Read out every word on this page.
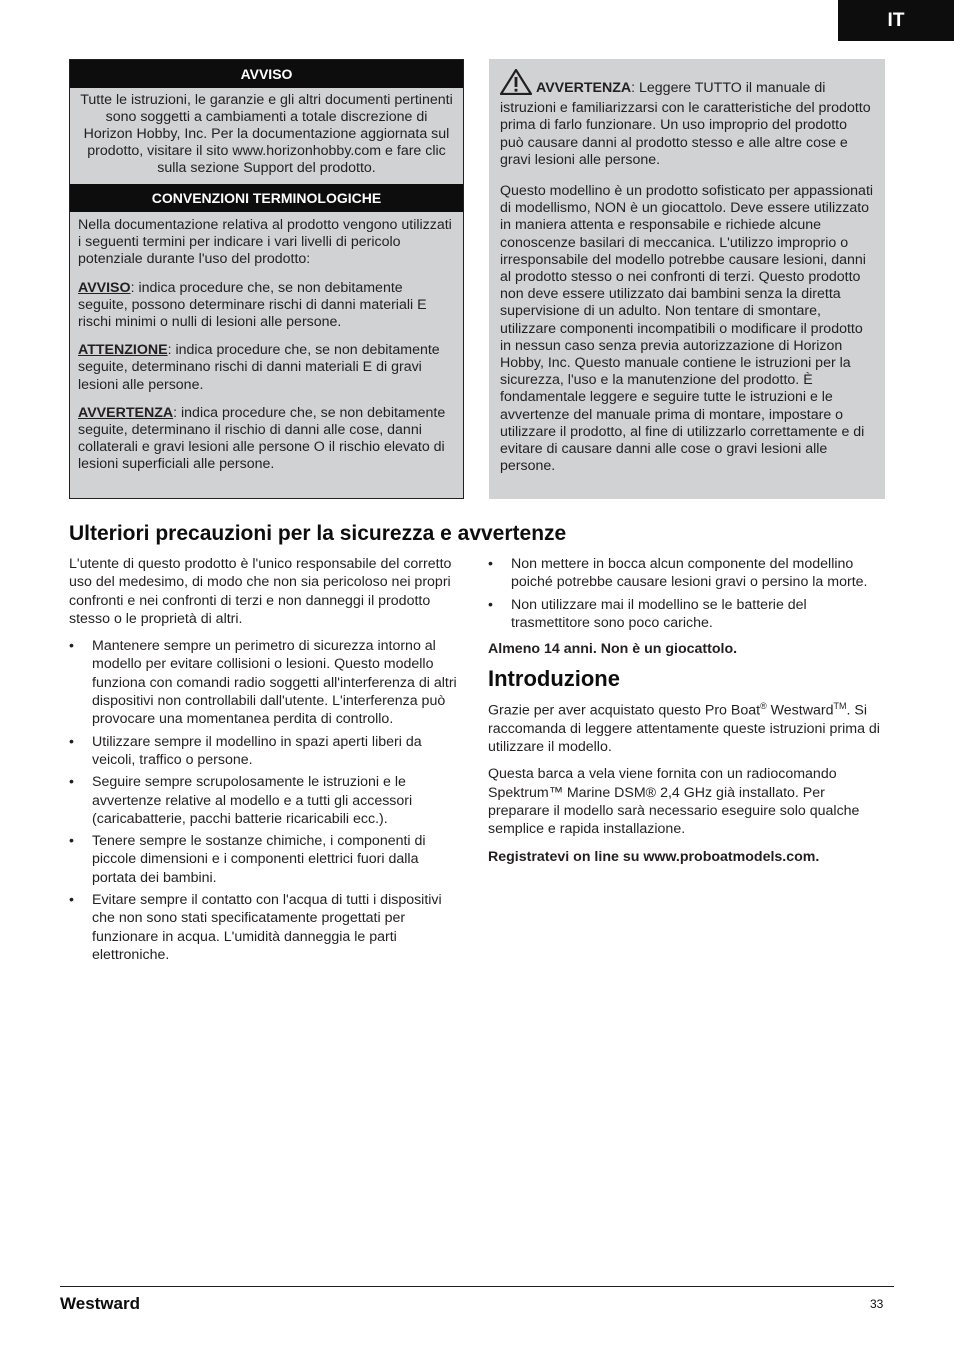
IT
AVVISO
Tutte le istruzioni, le garanzie e gli altri documenti pertinenti sono soggetti a cambiamenti a totale discrezione di Horizon Hobby, Inc. Per la documentazione aggiornata sul prodotto, visitare il sito www.horizonhobby.com e fare clic sulla sezione Support del prodotto.
CONVENZIONI TERMINOLOGICHE

Nella documentazione relativa al prodotto vengono utilizzati i seguenti termini per indicare i vari livelli di pericolo potenziale durante l'uso del prodotto:

AVVISO: indica procedure che, se non debitamente seguite, possono determinare rischi di danni materiali E rischi minimi o nulli di lesioni alle persone.

ATTENZIONE: indica procedure che, se non debitamente seguite, determinano rischi di danni materiali E di gravi lesioni alle persone.

AVVERTENZA: indica procedure che, se non debitamente seguite, determinano il rischio di danni alle cose, danni collaterali e gravi lesioni alle persone O il rischio elevato di lesioni superficiali alle persone.

AVVERTENZA: Leggere TUTTO il manuale di istruzioni e familiarizzarsi con le caratteristiche del prodotto prima di farlo funzionare. Un uso improprio del prodotto può causare danni al prodotto stesso e alle altre cose e gravi lesioni alle persone.

Questo modellino è un prodotto sofisticato per appassionati di modellismo, NON è un giocattolo. Deve essere utilizzato in maniera attenta e responsabile e richiede alcune conoscenze basilari di meccanica. L'utilizzo improprio o irresponsabile del modello potrebbe causare lesioni, danni al prodotto stesso o nei confronti di terzi. Questo prodotto non deve essere utilizzato dai bambini senza la diretta supervisione di un adulto. Non tentare di smontare, utilizzare componenti incompatibili o modificare il prodotto in nessun caso senza previa autorizzazione di Horizon Hobby, Inc. Questo manuale contiene le istruzioni per la sicurezza, l'uso e la manutenzione del prodotto. È fondamentale leggere e seguire tutte le istruzioni e le avvertenze del manuale prima di montare, impostare o utilizzare il prodotto, al fine di utilizzarlo correttamente e di evitare di causare danni alle cose o gravi lesioni alle persone.

Ulteriori precauzioni per la sicurezza e avvertenze

L'utente di questo prodotto è l'unico responsabile del corretto uso del medesimo, di modo che non sia pericoloso nei propri confronti e nei confronti di terzi e non danneggi il prodotto stesso o le proprietà di altri.

• Mantenere sempre un perimetro di sicurezza intorno al modello per evitare collisioni o lesioni. Questo modello funziona con comandi radio soggetti all'interferenza di altri dispositivi non controllabili dall'utente. L'interferenza può provocare una momentanea perdita di controllo.
• Utilizzare sempre il modellino in spazi aperti liberi da veicoli, traffico o persone.
• Seguire sempre scrupolosamente le istruzioni e le avvertenze relative al modello e a tutti gli accessori (caricabatterie, pacchi batterie ricaricabili ecc.).
• Tenere sempre le sostanze chimiche, i componenti di piccole dimensioni e i componenti elettrici fuori dalla portata dei bambini.
• Evitare sempre il contatto con l'acqua di tutti i dispositivi che non sono stati specificatamente progettati per funzionare in acqua. L'umidità danneggia le parti elettroniche.
• Non mettere in bocca alcun componente del modellino poiché potrebbe causare lesioni gravi o persino la morte.
• Non utilizzare mai il modellino se le batterie del trasmettitore sono poco cariche.

Almeno 14 anni. Non è un giocattolo.

Introduzione

Grazie per aver acquistato questo Pro Boat® Westward™. Si raccomanda di leggere attentamente queste istruzioni prima di utilizzare il modello.

Questa barca a vela viene fornita con un radiocomando Spektrum™ Marine DSM® 2,4 GHz già installato. Per preparare il modello sarà necessario eseguire solo qualche semplice e rapida installazione.

Registratevi on line su www.proboatmodels.com.

Westward	33
